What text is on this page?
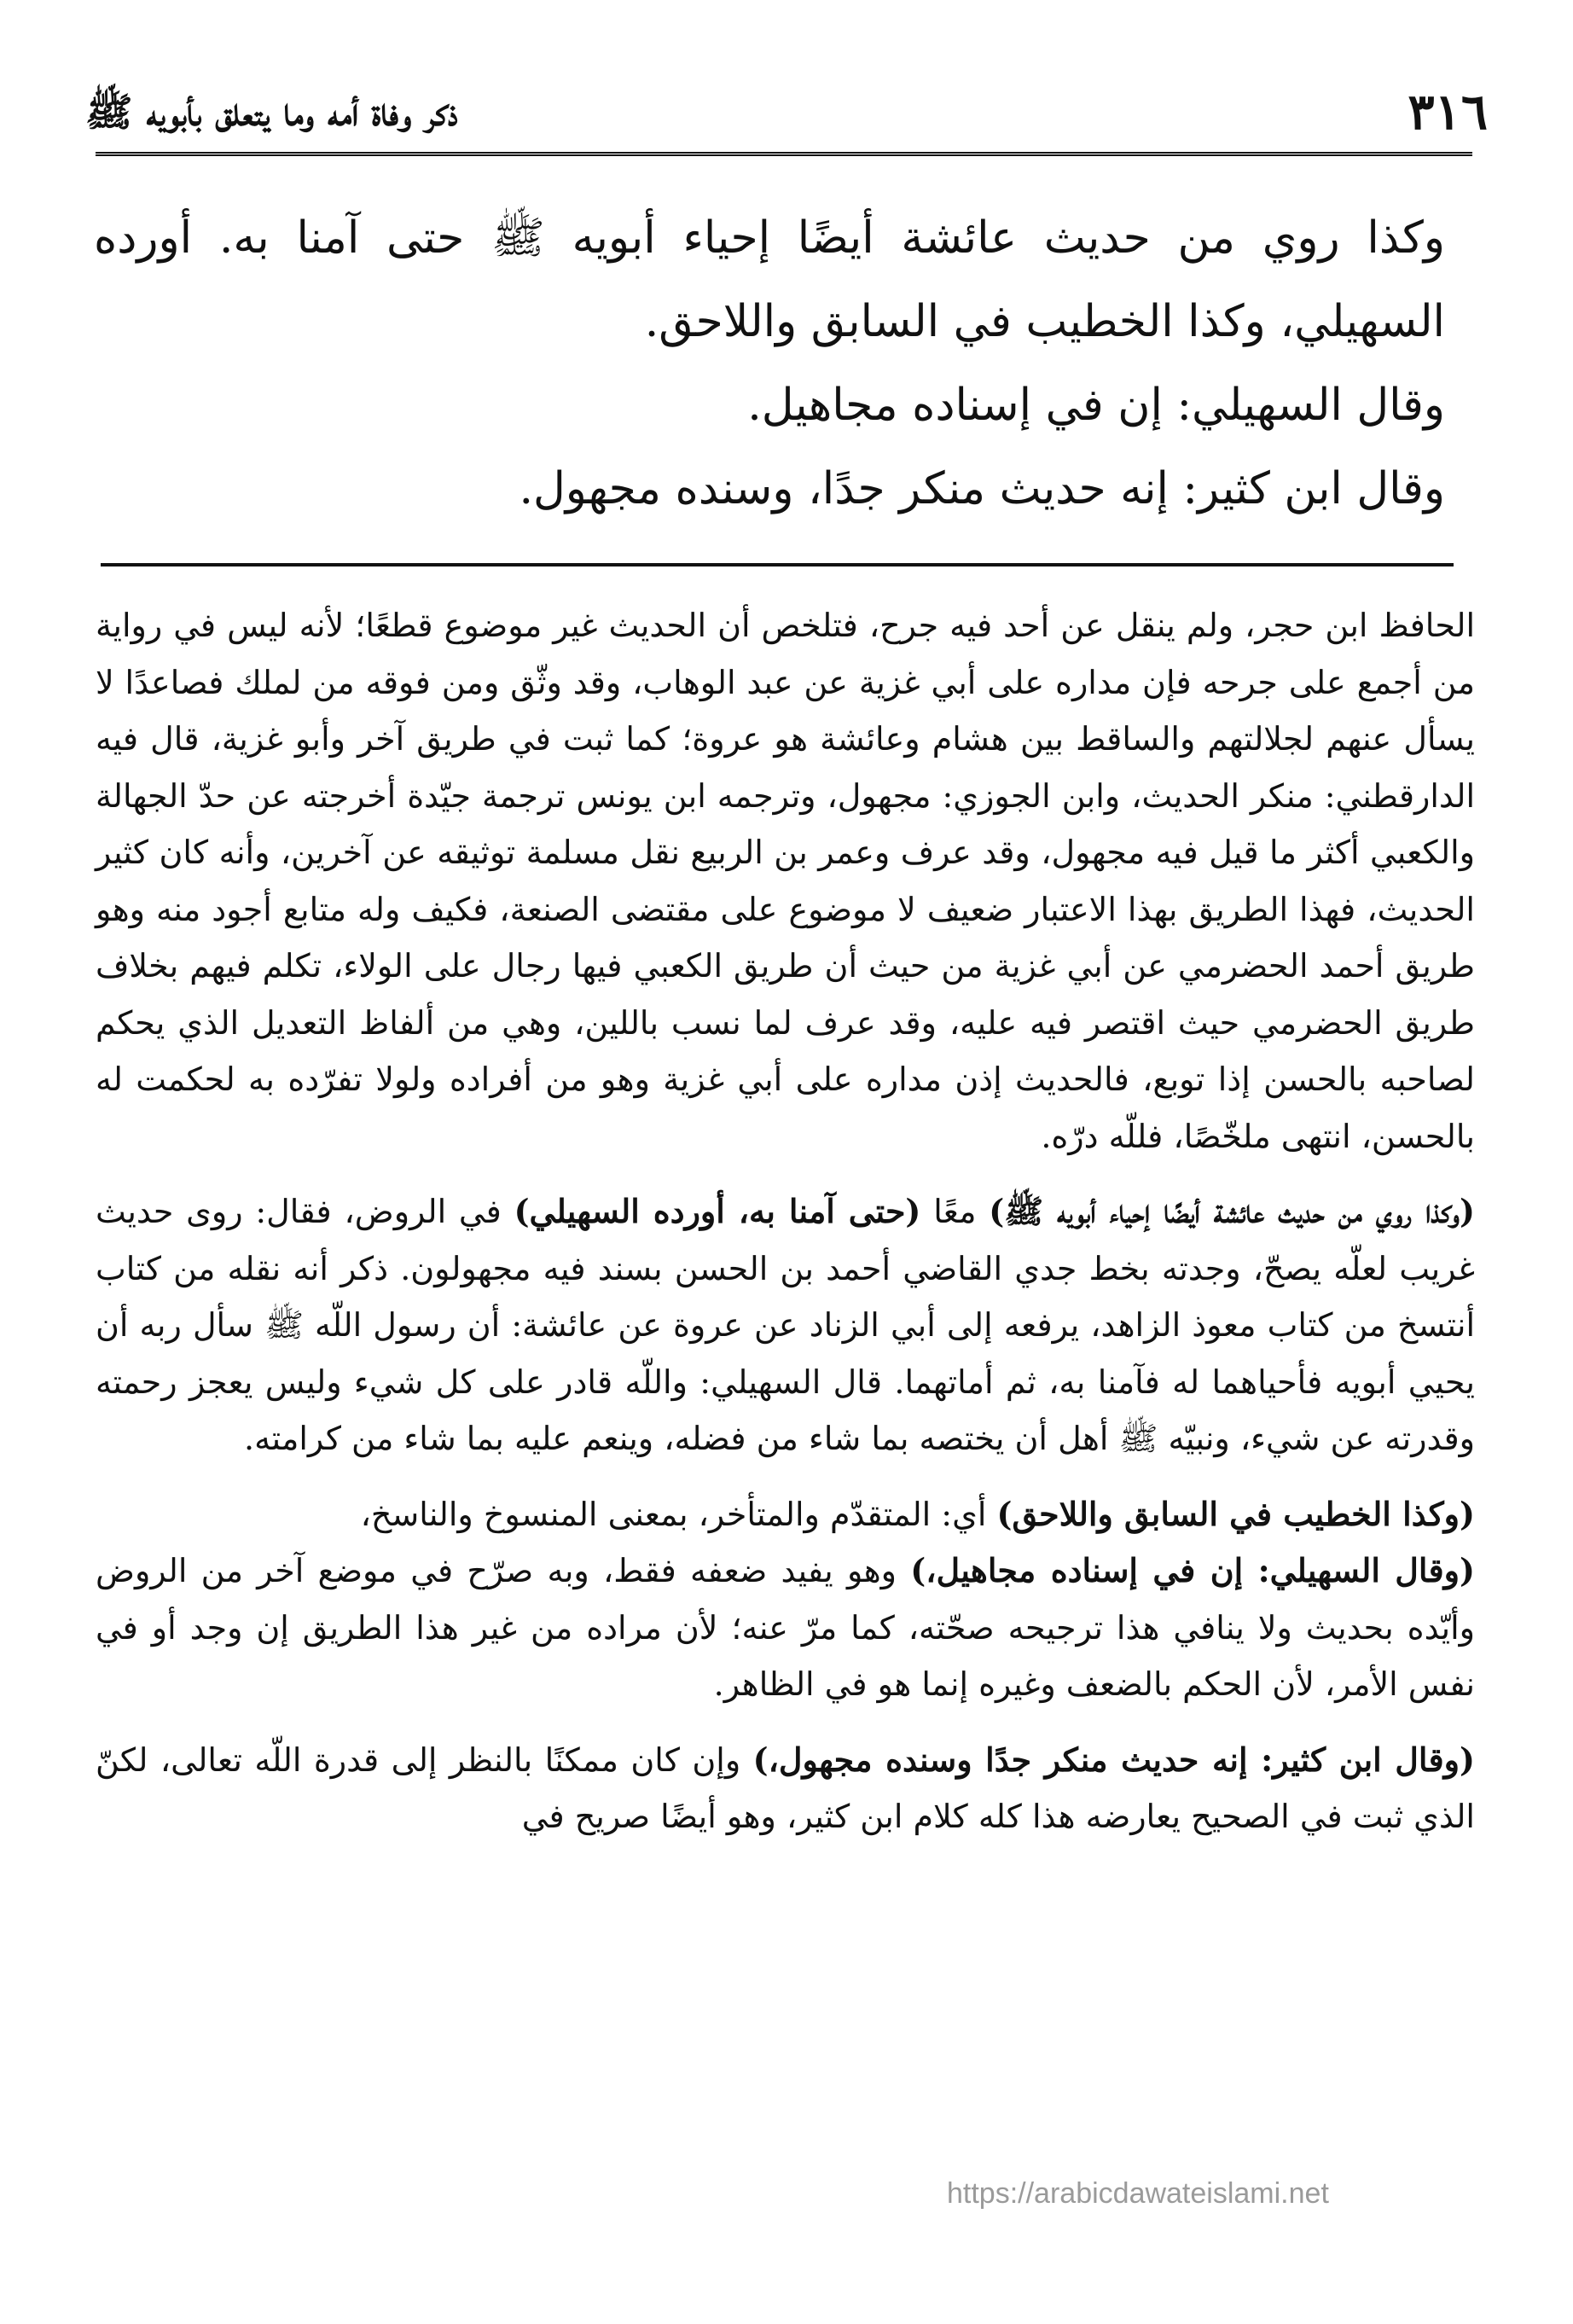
٣١٦
ذكر وفاة أمه وما يتعلق بأبويه ﷺ

وكذا روي من حديث عائشة أيضًا إحياء أبويه ﷺ حتى آمنا به. أورده السهيلي، وكذا الخطيب في السابق واللاحق.

وقال السهيلي: إن في إسناده مجاهيل.

وقال ابن كثير: إنه حديث منكر جدًا، وسنده مجهول.

الحافظ ابن حجر، ولم ينقل عن أحد فيه جرح، فتلخص أن الحديث غير موضوع قطعًا؛ لأنه ليس في رواية من أجمع على جرحه فإن مداره على أبي غزية عن عبد الوهاب، وقد وثّق ومن فوقه من لملك فصاعدًا لا يسأل عنهم لجلالتهم والساقط بين هشام وعائشة هو عروة؛ كما ثبت في طريق آخر وأبو غزية، قال فيه الدارقطني: منكر الحديث، وابن الجوزي: مجهول، وترجمه ابن يونس ترجمة جيّدة أخرجته عن حدّ الجهالة والكعبي أكثر ما قيل فيه مجهول، وقد عرف وعمر بن الربيع نقل مسلمة توثيقه عن آخرين، وأنه كان كثير الحديث، فهذا الطريق بهذا الاعتبار ضعيف لا موضوع على مقتضى الصنعة، فكيف وله متابع أجود منه وهو طريق أحمد الحضرمي عن أبي غزية من حيث أن طريق الكعبي فيها رجال على الولاء، تكلم فيهم بخلاف طريق الحضرمي حيث اقتصر فيه عليه، وقد عرف لما نسب باللين، وهي من ألفاظ التعديل الذي يحكم لصاحبه بالحسن إذا توبع، فالحديث إذن مداره على أبي غزية وهو من أفراده ولولا تفرّده به لحكمت له بالحسن، انتهى ملخّصًا، فللّه درّه.

(وكذا روي من حديث عائشة أيضًا إحياء أبويه ﷺ) معًا (حتى آمنا به، أورده السهيلي) في الروض، فقال: روى حديث غريب لعلّه يصحّ، وجدته بخط جدي القاضي أحمد بن الحسن بسند فيه مجهولون. ذكر أنه نقله من كتاب أنتسخ من كتاب معوذ الزاهد، يرفعه إلى أبي الزناد عن عروة عن عائشة: أن رسول اللّه ﷺ سأل ربه أن يحيي أبويه فأحياهما له فآمنا به، ثم أماتهما. قال السهيلي: واللّه قادر على كل شيء وليس يعجز رحمته وقدرته عن شيء، ونبيّه ﷺ أهل أن يختصه بما شاء من فضله، وينعم عليه بما شاء من كرامته.

(وكذا الخطيب في السابق واللاحق) أي: المتقدّم والمتأخر، بمعنى المنسوخ والناسخ،

(وقال السهيلي: إن في إسناده مجاهيل،) وهو يفيد ضعفه فقط، وبه صرّح في موضع آخر من الروض وأيّده بحديث ولا ينافي هذا ترجيحه صحّته، كما مرّ عنه؛ لأن مراده من غير هذا الطريق إن وجد أو في نفس الأمر، لأن الحكم بالضعف وغيره إنما هو في الظاهر.

(وقال ابن كثير: إنه حديث منكر جدًا وسنده مجهول،) وإن كان ممكنًا بالنظر إلى قدرة اللّه تعالى، لكنّ الذي ثبت في الصحيح يعارضه هذا كله كلام ابن كثير، وهو أيضًا صريح في

https://arabicdawateislami.net
